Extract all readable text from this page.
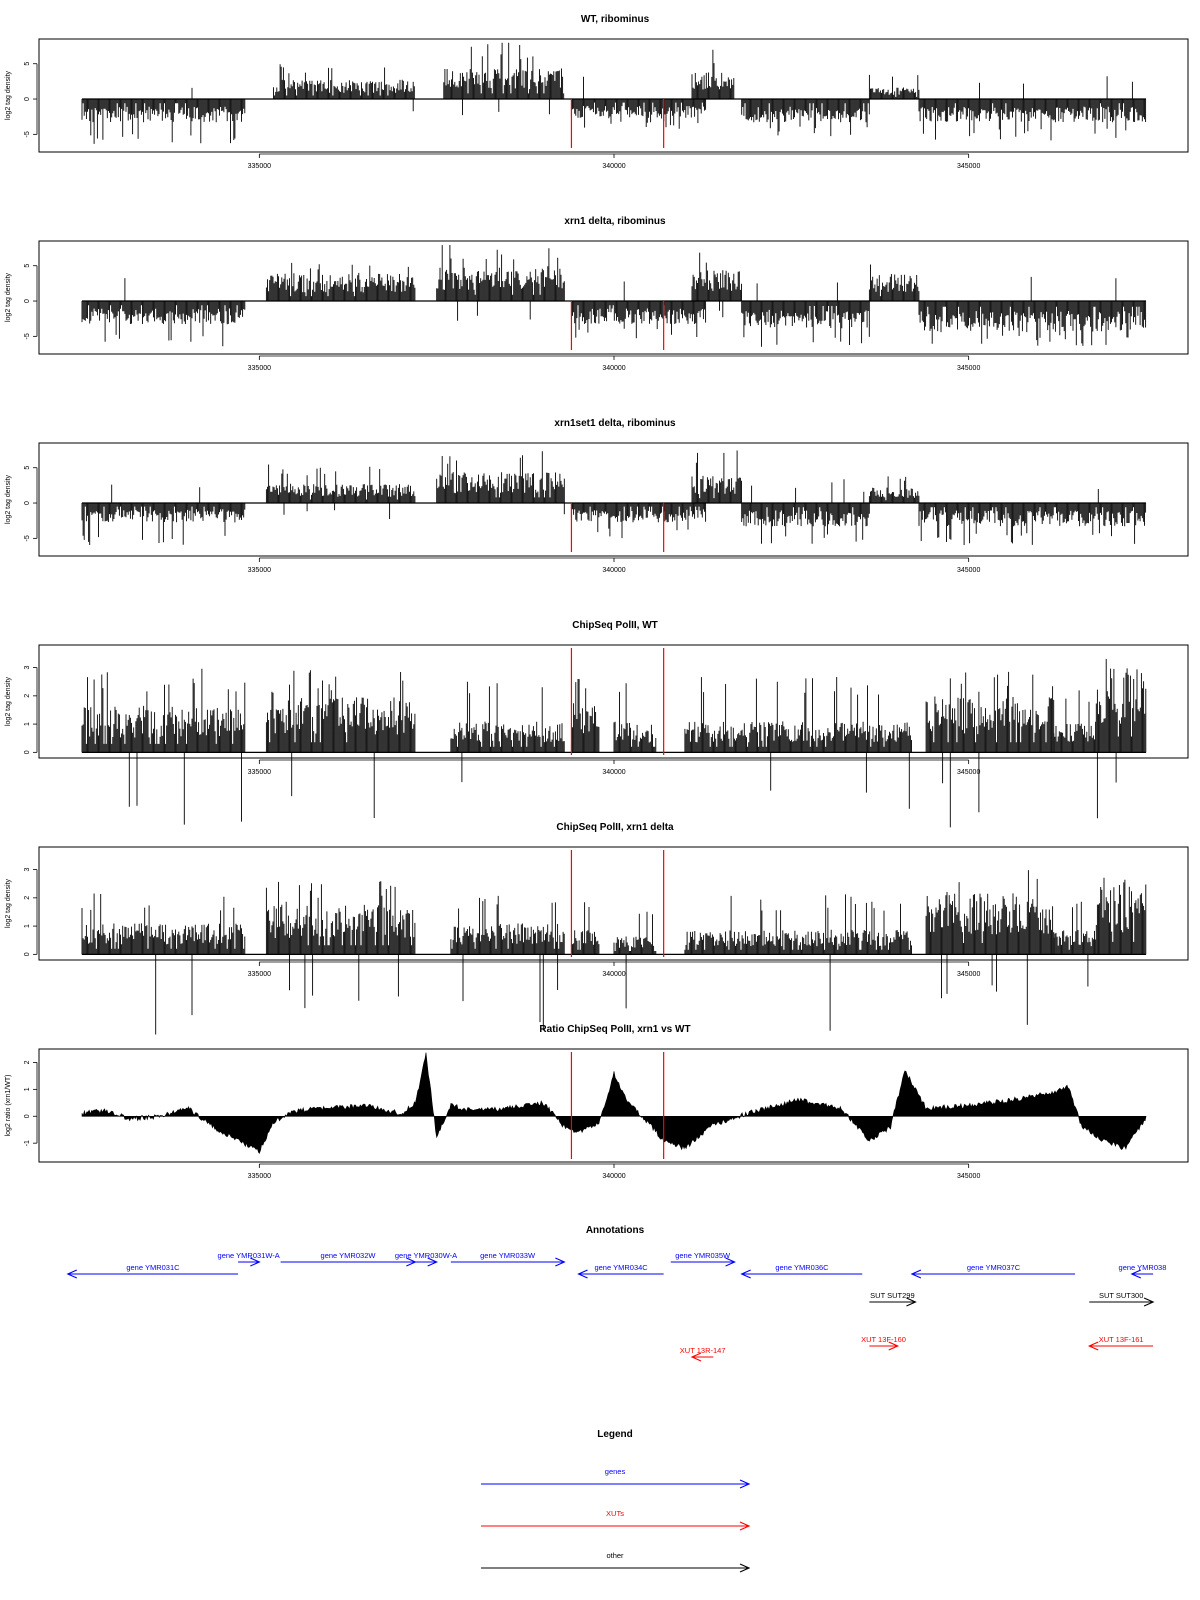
Annotations
gene YMR031C
gene YMR031W-A	gene YMR032W	gene YMR030W-A	gene YMR033W
gene YMR034C
gene YMR035W
gene YMR036C	gene YMR037C	gene YMR038
SUT SUT299	SUT SUT300
XUT 13F-160	XUT 13F-161
XUT 13R-147
Legend
genes
XUTs
other
WT, ribominus
log2 tag density
-5
0
5
335000	340000	345000
xrn1 delta, ribominus
log2 tag density
-5
0
5
335000	340000	345000
xrn1set1 delta, ribominus
log2 tag density
-5
0
5
335000	340000	345000
ChipSeq PolII, WT
log2 tag density
0
1
2
3
335000	340000	345000
ChipSeq PolII, xrn1 delta
log2 tag density
0
1
2
3
335000	340000	345000
Ratio ChipSeq PolII, xrn1 vs WT
log2 ratio (xrn1/WT)
-1
0
1
2
335000	340000	345000
